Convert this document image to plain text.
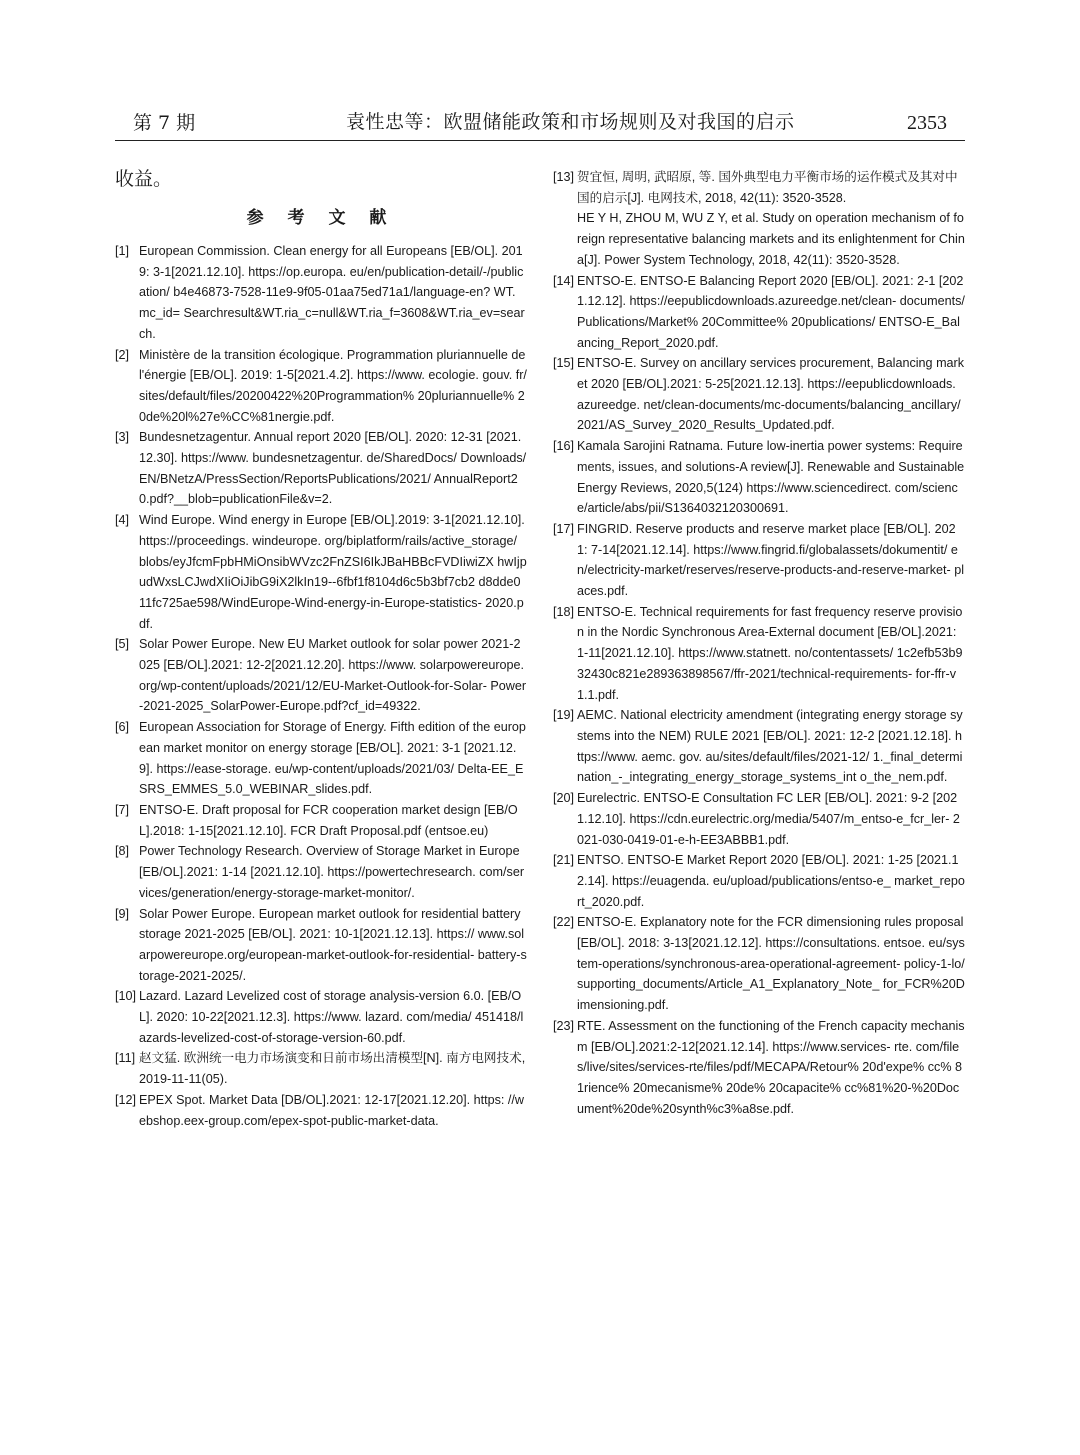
第 7 期	袁性忠等：欧盟储能政策和市场规则及对我国的启示	2353

收益。

参 考 文 献
[1] European Commission. Clean energy for all Europeans [EB/OL]. 2019: 3-1[2021.12.10]. https://op.europa. eu/en/publication-detail/-/publication/ b4e46873-7528-11e9-9f05-01aa75ed71a1/language-en? WT. mc_id= Searchresult&WT.ria_c=null&WT.ria_f=3608&WT.ria_ev=search.
[2] Ministère de la transition écologique. Programmation pluriannuelle de l'énergie [EB/OL]. 2019: 1-5[2021.4.2]. https://www. ecologie. gouv. fr/sites/default/files/20200422%20Programmation% 20pluriannuelle% 20de%20l%27e%CC%81nergie.pdf.
[3] Bundesnetzagentur. Annual report 2020 [EB/OL]. 2020: 12-31 [2021.12.30]. https://www. bundesnetzagentur. de/SharedDocs/ Downloads/EN/BNetzA/PressSection/ReportsPublications/2021/ AnnualReport20.pdf?__blob=publicationFile&v=2.
[4] Wind Europe. Wind energy in Europe [EB/OL].2019: 3-1[2021.12.10]. https://proceedings. windeurope. org/biplatform/rails/active_storage/ blobs/eyJfcmFpbHMiOnsibWVzc2FnZSI6IkJBaHBBcFVDIiwiZX hwIjpudWxsLCJwdXIiOiJibG9iX2lkIn19--6fbf1f8104d6c5b3bf7cb2 d8dde011fc725ae598/WindEurope-Wind-energy-in-Europe-statistics- 2020.pdf.
[5] Solar Power Europe. New EU Market outlook for solar power 2021-2025 [EB/OL].2021: 12-2[2021.12.20]. https://www. solarpowereurope. org/wp-content/uploads/2021/12/EU-Market-Outlook-for-Solar- Power-2021-2025_SolarPower-Europe.pdf?cf_id=49322.
[6] European Association for Storage of Energy. Fifth edition of the european market monitor on energy storage [EB/OL]. 2021: 3-1 [2021.12.9]. https://ease-storage. eu/wp-content/uploads/2021/03/ Delta-EE_ESRS_EMMES_5.0_WEBINAR_slides.pdf.
[7] ENTSO-E. Draft proposal for FCR cooperation market design [EB/OL].2018: 1-15[2021.12.10]. FCR Draft Proposal.pdf (entsoe.eu)
[8] Power Technology Research. Overview of Storage Market in Europe [EB/OL].2021: 1-14 [2021.12.10]. https://powertechresearch. com/services/generation/energy-storage-market-monitor/.
[9] Solar Power Europe. European market outlook for residential battery storage 2021-2025 [EB/OL]. 2021: 10-1[2021.12.13]. https:// www.solarpowereurope.org/european-market-outlook-for-residential- battery-storage-2021-2025/.
[10] Lazard. Lazard Levelized cost of storage analysis-version 6.0. [EB/OL]. 2020: 10-22[2021.12.3]. https://www. lazard. com/media/ 451418/lazards-levelized-cost-of-storage-version-60.pdf.
[11] 赵文猛. 欧洲统一电力市场演变和日前市场出清模型[N]. 南方电网技术, 2019-11-11(05).
[12] EPEX Spot. Market Data [DB/OL].2021: 12-17[2021.12.20]. https: //webshop.eex-group.com/epex-spot-public-market-data.
[13] 贺宜恒, 周明, 武昭原, 等. 国外典型电力平衡市场的运作模式及其对中国的启示[J]. 电网技术, 2018, 42(11): 3520-3528.
HE Y H, ZHOU M, WU Z Y, et al. Study on operation mechanism of foreign representative balancing markets and its enlightenment for China[J]. Power System Technology, 2018, 42(11): 3520-3528.
[14] ENTSO-E. ENTSO-E Balancing Report 2020 [EB/OL]. 2021: 2-1 [2021.12.12]. https://eepublicdownloads.azureedge.net/clean- documents/Publications/Market% 20Committee% 20publications/ ENTSO-E_Balancing_Report_2020.pdf.
[15] ENTSO-E. Survey on ancillary services procurement, Balancing market 2020 [EB/OL].2021: 5-25[2021.12.13]. https://eepublicdownloads. azureedge. net/clean-documents/mc-documents/balancing_ancillary/ 2021/AS_Survey_2020_Results_Updated.pdf.
[16] Kamala Sarojini Ratnama. Future low-inertia power systems: Requirements, issues, and solutions-A review[J]. Renewable and Sustainable Energy Reviews, 2020,5(124) https://www.sciencedirect. com/science/article/abs/pii/S1364032120300691.
[17] FINGRID. Reserve products and reserve market place [EB/OL]. 2021: 7-14[2021.12.14]. https://www.fingrid.fi/globalassets/dokumentit/ en/electricity-market/reserves/reserve-products-and-reserve-market- places.pdf.
[18] ENTSO-E. Technical requirements for fast frequency reserve provision in the Nordic Synchronous Area-External document [EB/OL].2021: 1-11[2021.12.10]. https://www.statnett. no/contentassets/ 1c2efb53b932430c821e289363898567/ffr-2021/technical-requirements- for-ffr-v1.1.pdf.
[19] AEMC. National electricity amendment (integrating energy storage systems into the NEM) RULE 2021 [EB/OL]. 2021: 12-2 [2021.12.18]. https://www. aemc. gov. au/sites/default/files/2021-12/ 1._final_determination_-_integrating_energy_storage_systems_int o_the_nem.pdf.
[20] Eurelectric. ENTSO-E Consultation FC LER [EB/OL]. 2021: 9-2 [2021.12.10]. https://cdn.eurelectric.org/media/5407/m_entso-e_fcr_ler- 2021-030-0419-01-e-h-EE3ABBB1.pdf.
[21] ENTSO. ENTSO-E Market Report 2020 [EB/OL]. 2021: 1-25 [2021.12.14]. https://euagenda. eu/upload/publications/entso-e_ market_report_2020.pdf.
[22] ENTSO-E. Explanatory note for the FCR dimensioning rules proposal [EB/OL]. 2018: 3-13[2021.12.12]. https://consultations. entsoe. eu/system-operations/synchronous-area-operational-agreement- policy-1-lo/supporting_documents/Article_A1_Explanatory_Note_ for_FCR%20Dimensioning.pdf.
[23] RTE. Assessment on the functioning of the French capacity mechanism [EB/OL].2021:2-12[2021.12.14]. https://www.services- rte. com/files/live/sites/services-rte/files/pdf/MECAPA/Retour% 20d'expe% cc% 81rience% 20mecanisme% 20de% 20capacite% cc%81%20-%20Document%20de%20synth%c3%a8se.pdf.
